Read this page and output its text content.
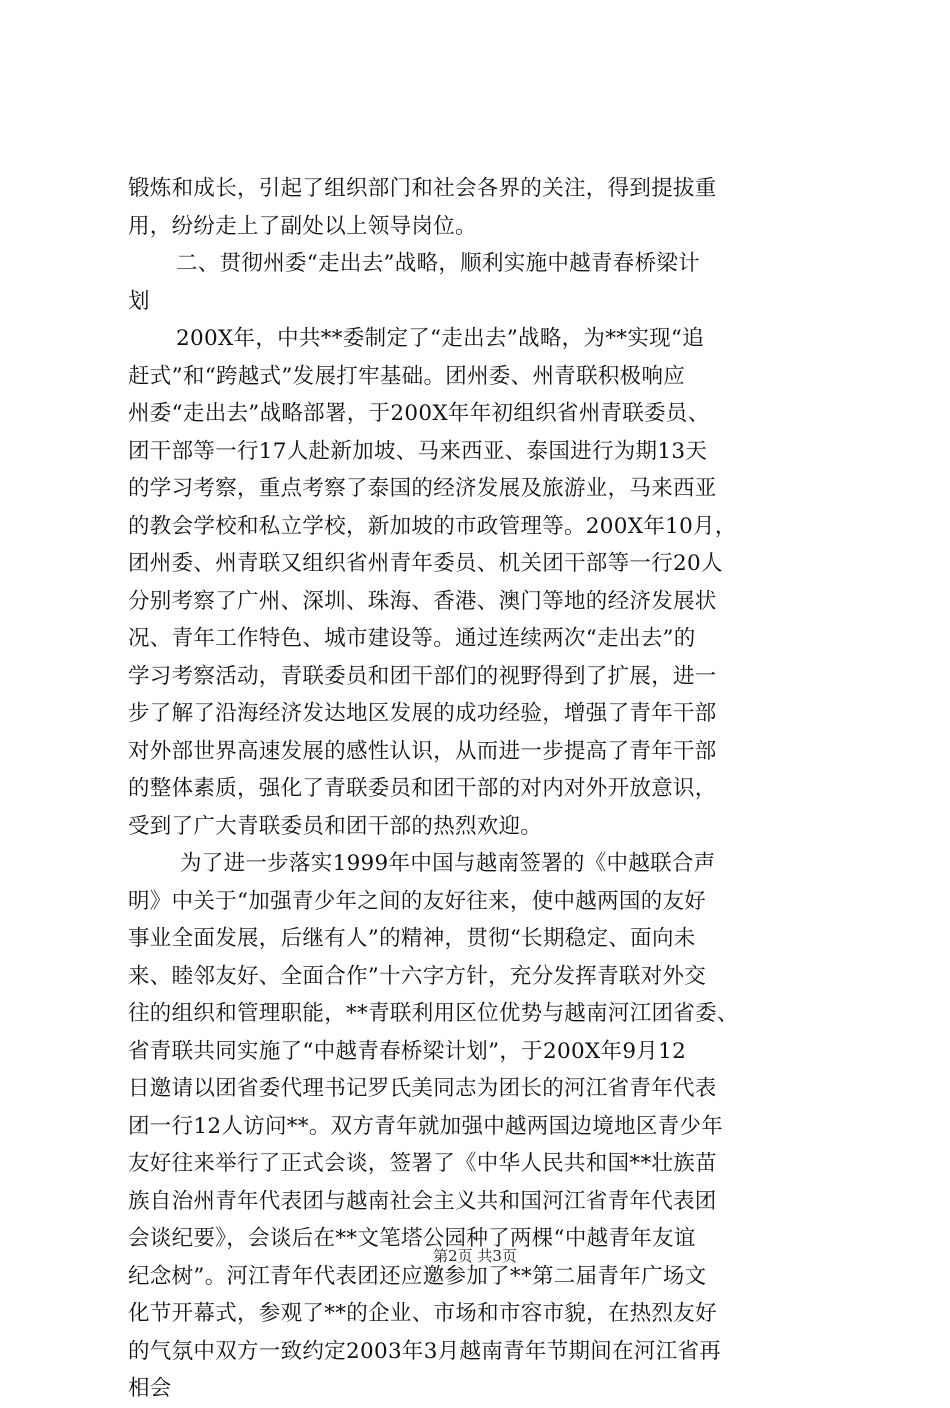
锻炼和成长，引起了组织部门和社会各界的关注，得到提拔重
用，纷纷走上了副处以上领导岗位。
二、贯彻州委“走出去”战略，顺利实施中越青春桥梁计
划
200X年，中共**委制定了“走出去”战略，为**实现“追
赶式”和“跨越式”发展打牢基础。团州委、州青联积极响应
州委“走出去”战略部署，于200X年年初组织省州青联委员、
团干部等一行17人赴新加坡、马来西亚、泰国进行为期13天
的学习考察，重点考察了泰国的经济发展及旅游业，马来西亚
的教会学校和私立学校，新加坡的市政管理等。200X年10月，
团州委、州青联又组织省州青年委员、机关团干部等一行20人
分别考察了广州、深圳、珠海、香港、澳门等地的经济发展状
况、青年工作特色、城市建设等。通过连续两次“走出去”的
学习考察活动，青联委员和团干部们的视野得到了扩展，进一
步了解了沿海经济发达地区发展的成功经验，增强了青年干部
对外部世界高速发展的感性认识，从而进一步提高了青年干部
的整体素质，强化了青联委员和团干部的对内对外开放意识，
受到了广大青联委员和团干部的热烈欢迎。
为了进一步落实1999年中国与越南签署的《中越联合声
明》中关于“加强青少年之间的友好往来，使中越两国的友好
事业全面发展，后继有人”的精神，贯彻“长期稳定、面向未
来、睦邻友好、全面合作”十六字方针，充分发挥青联对外交
往的组织和管理职能，**青联利用区位优势与越南河江团省委、
省青联共同实施了“中越青春桥梁计划”，于200X年9月12
日邀请以团省委代理书记罗氏美同志为团长的河江省青年代表
团一行12人访问**。双方青年就加强中越两国边境地区青少年
友好往来举行了正式会谈，签署了《中华人民共和国**壮族苗
族自治州青年代表团与越南社会主义共和国河江省青年代表团
会谈纪要》，会谈后在**文笔塔公园种了两棵“中越青年友谊
纪念树”。河江青年代表团还应邀参加了**第二届青年广场文
化节开幕式，参观了**的企业、市场和市容市貌，在热烈友好
的气氛中双方一致约定2003年3月越南青年节期间在河江省再
相会
第2页 共3页
